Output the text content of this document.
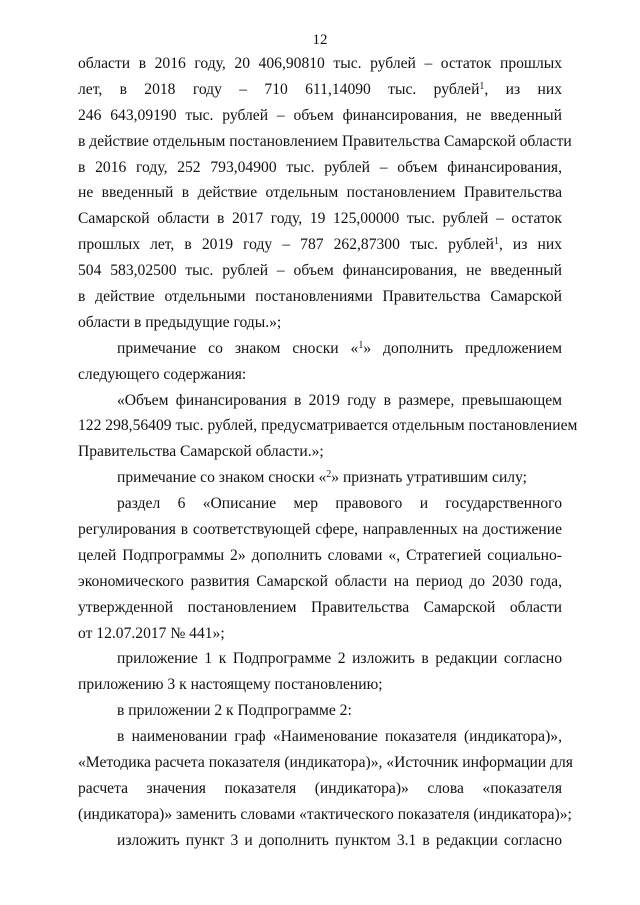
12
области в 2016 году, 20 406,90810 тыс. рублей – остаток прошлых
лет, в 2018 году – 710 611,14090 тыс. рублей$^1$, из них
246 643,09190 тыс. рублей – объем финансирования, не введенный
в действие отдельным постановлением Правительства Самарской области
в 2016 году, 252 793,04900 тыс. рублей – объем финансирования,
не введенный в действие отдельным постановлением Правительства
Самарской области в 2017 году, 19 125,00000 тыс. рублей – остаток
прошлых лет, в 2019 году – 787 262,87300 тыс. рублей$^1$, из них
504 583,02500 тыс. рублей – объем финансирования, не введенный
в действие отдельными постановлениями Правительства Самарской
области в предыдущие годы.»;
примечание со знаком сноски «$^1$» дополнить предложением
следующего содержания:
«Объем финансирования в 2019 году в размере, превышающем
122 298,56409 тыс. рублей, предусматривается отдельным постановлением
Правительства Самарской области.»;
примечание со знаком сноски «$^2$» признать утратившим силу;
раздел 6 «Описание мер правового и государственного
регулирования в соответствующей сфере, направленных на достижение
целей Подпрограммы 2» дополнить словами «, Стратегией социально-
экономического развития Самарской области на период до 2030 года,
утвержденной постановлением Правительства Самарской области
от 12.07.2017 № 441»;
приложение 1 к Подпрограмме 2 изложить в редакции согласно
приложению 3 к настоящему постановлению;
в приложении 2 к Подпрограмме 2:
в наименовании граф «Наименование показателя (индикатора)»,
«Методика расчета показателя (индикатора)», «Источник информации для
расчета значения показателя (индикатора)» слова «показателя
(индикатора)» заменить словами «тактического показателя (индикатора)»;
изложить пункт 3 и дополнить пунктом 3.1 в редакции согласно
